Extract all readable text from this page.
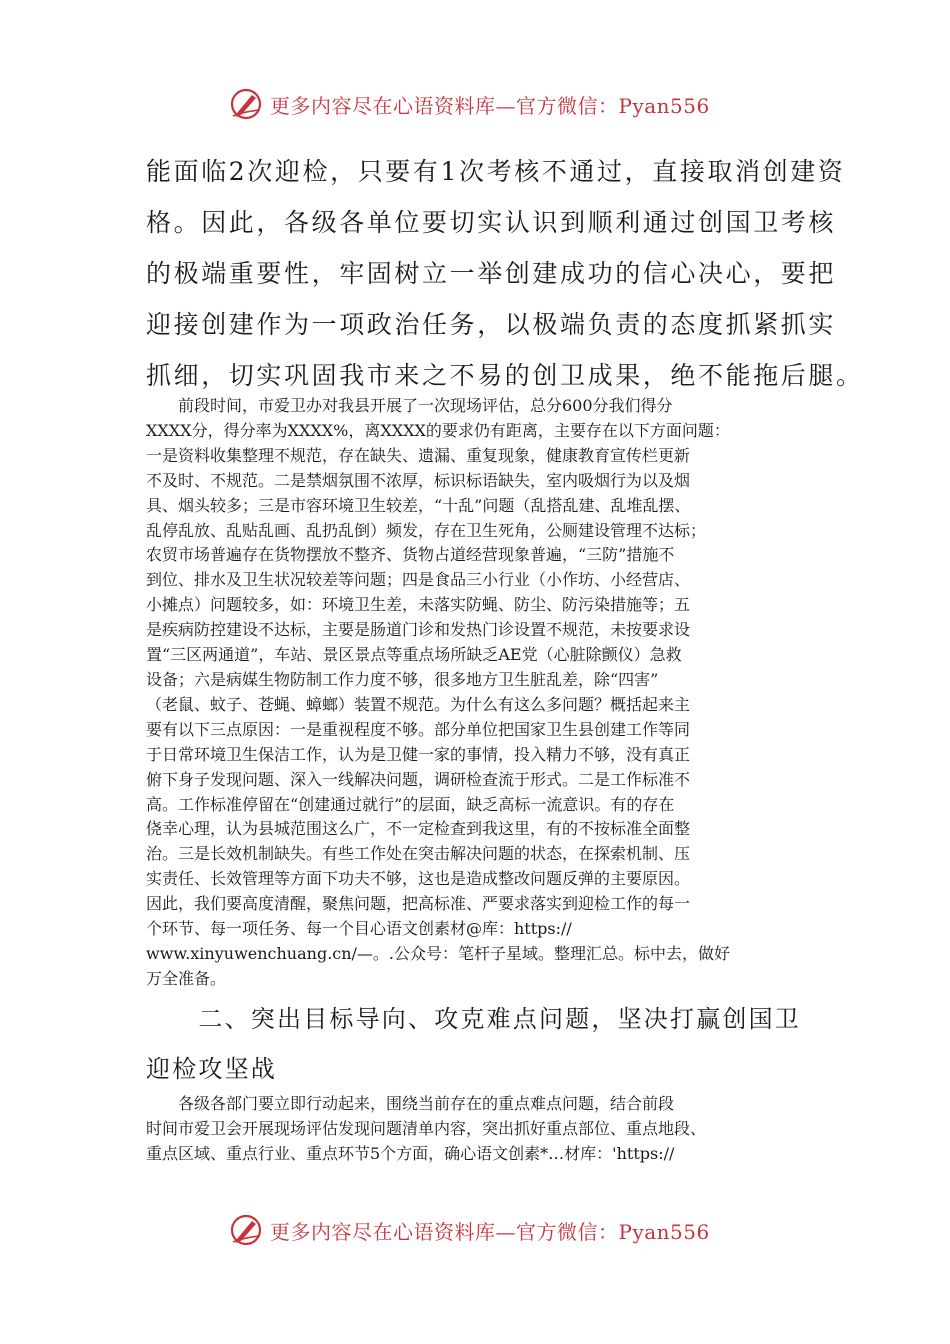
更多内容尽在心语资料库—官方微信：Pyan556
能面临2次迎检，只要有1次考核不通过，直接取消创建资
格。因此，各级各单位要切实认识到顺利通过创国卫考核
的极端重要性，牢固树立一举创建成功的信心决心，要把
迎接创建作为一项政治任务，以极端负责的态度抓紧抓实
抓细，切实巩固我市来之不易的创卫成果，绝不能拖后腿。
　　前段时间，市爱卫办对我县开展了一次现场评估，总分600分我们得分
XXXX分，得分率为XXXX%，离XXXX的要求仍有距离，主要存在以下方面问题：
一是资料收集整理不规范，存在缺失、遗漏、重复现象，健康教育宣传栏更新
不及时、不规范。二是禁烟氛围不浓厚，标识标语缺失，室内吸烟行为以及烟
具、烟头较多；三是市容环境卫生较差，“十乱”问题（乱搭乱建、乱堆乱摆、
乱停乱放、乱贴乱画、乱扔乱倒）频发，存在卫生死角，公厕建设管理不达标；
农贸市场普遍存在货物摆放不整齐、货物占道经营现象普遍，“三防”措施不
到位、排水及卫生状况较差等问题；四是食品三小行业（小作坊、小经营店、
小摊点）问题较多，如：环境卫生差，未落实防蝇、防尘、防污染措施等；五
是疾病防控建设不达标，主要是肠道门诊和发热门诊设置不规范，未按要求设
置“三区两通道”，车站、景区景点等重点场所缺乏AE党（心脏除颤仪）急救
设备；六是病媒生物防制工作力度不够，很多地方卫生脏乱差，除“四害”
（老鼠、蚊子、苍蝇、蟑螂）装置不规范。为什么有这么多问题？概括起来主
要有以下三点原因：一是重视程度不够。部分单位把国家卫生县创建工作等同
于日常环境卫生保洁工作，认为是卫健一家的事情，投入精力不够，没有真正
俯下身子发现问题、深入一线解决问题，调研检查流于形式。二是工作标准不
高。工作标准停留在“创建通过就行”的层面，缺乏高标一流意识。有的存在
侥幸心理，认为县城范围这么广，不一定检查到我这里，有的不按标准全面整
治。三是长效机制缺失。有些工作处在突击解决问题的状态，在探索机制、压
实责任、长效管理等方面下功夫不够，这也是造成整改问题反弹的主要原因。
因此，我们要高度清醒，聚焦问题，把高标准、严要求落实到迎检工作的每一
个环节、每一项任务、每一个目心语文创素材@库：https://
www.xinyuwenchuang.cn/—。.公众号：笔杆子星域。整理汇总。标中去，做好
万全准备。
　　二、突出目标导向、攻克难点问题，坚决打赢创国卫
迎检攻坚战
　　各级各部门要立即行动起来，围绕当前存在的重点难点问题，结合前段
时间市爱卫会开展现场评估发现问题清单内容，突出抓好重点部位、重点地段、
重点区域、重点行业、重点环节5个方面，确心语文创素*…材库：'https://
更多内容尽在心语资料库—官方微信：Pyan556
